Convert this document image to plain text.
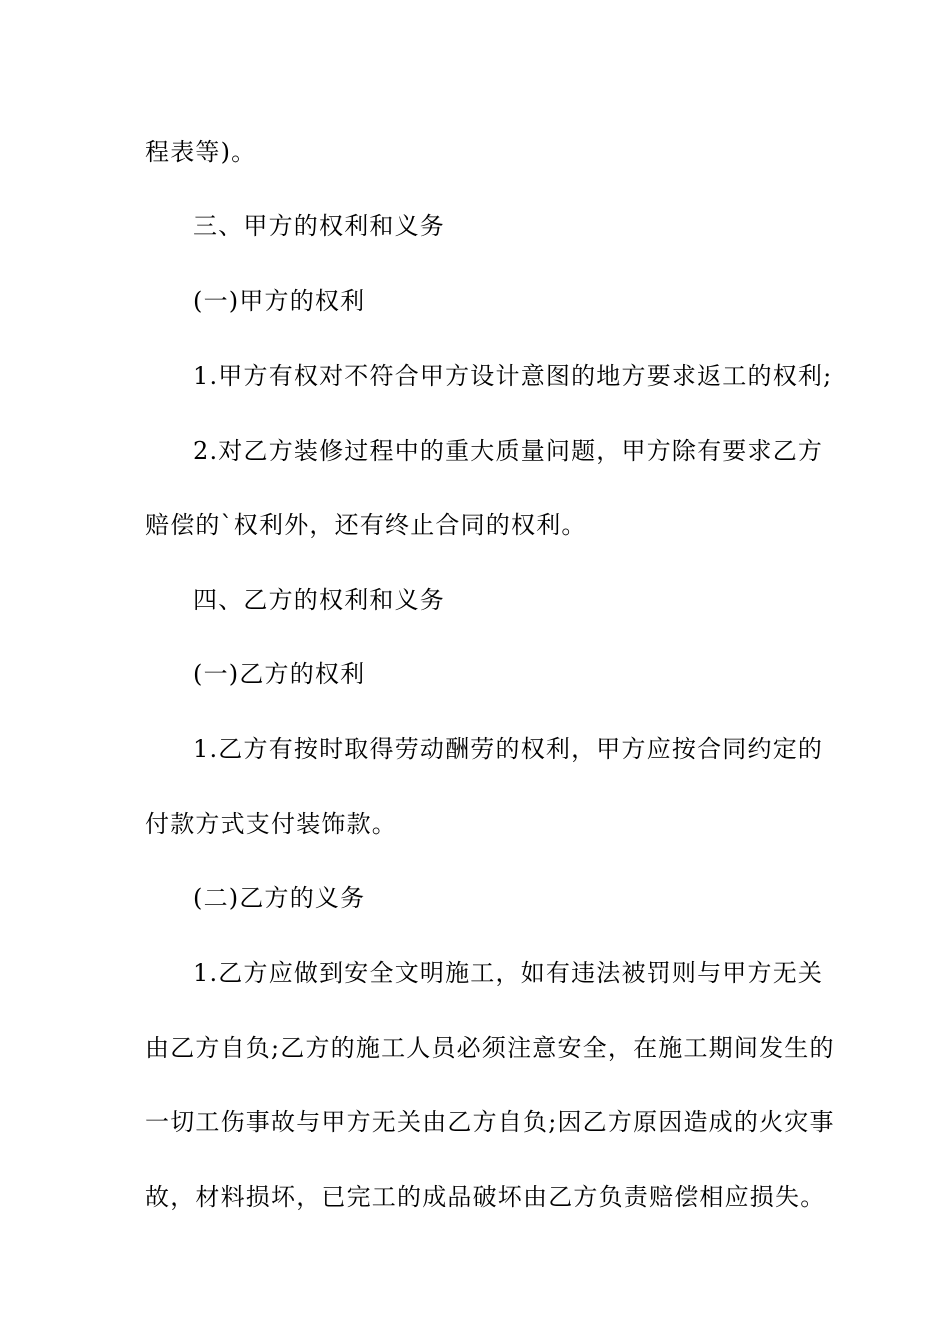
程表等)。
三、甲方的权利和义务
(一)甲方的权利
1.甲方有权对不符合甲方设计意图的地方要求返工的权利;
2.对乙方装修过程中的重大质量问题，甲方除有要求乙方
赔偿的`权利外，还有终止合同的权利。
四、乙方的权利和义务
(一)乙方的权利
1.乙方有按时取得劳动酬劳的权利，甲方应按合同约定的
付款方式支付装饰款。
(二)乙方的义务
1.乙方应做到安全文明施工，如有违法被罚则与甲方无关
由乙方自负;乙方的施工人员必须注意安全，在施工期间发生的
一切工伤事故与甲方无关由乙方自负;因乙方原因造成的火灾事
故，材料损坏，已完工的成品破坏由乙方负责赔偿相应损失。
